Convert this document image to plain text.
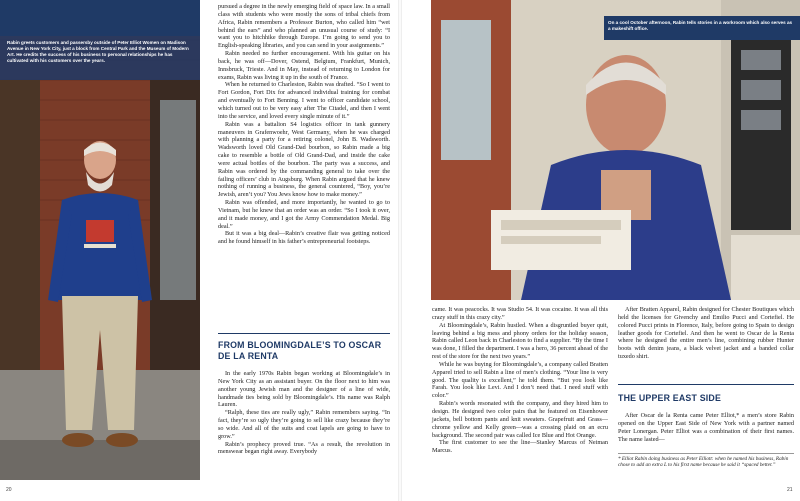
Rabin greets customers and passersby outside of Peter Elliot Women on Madison Avenue in New York City, just a block from Central Park and the Museum of Modern Art. He credits the success of his business to personal relationships he has cultivated with his customers over the years.

pursued a degree in the newly emerging field of space law. In a small class with students who were mostly the sons of tribal chiefs from Africa, Rabin remembers a Professor Burton, who called him “wet behind the ears” and who planned an unusual course of study: “I want you to hitchhike through Europe. I’m going to send you to English-speaking libraries, and you can send in your assignments.”

Rabin needed no further encouragement. With his guitar on his back, he was off—Dover, Ostend, Belgium, Frankfurt, Munich, Innsbruck, Trieste. And in May, instead of returning to London for exams, Rabin was living it up in the south of France.

When he returned to Charleston, Rabin was drafted. “So I went to Fort Gordon, Fort Dix for advanced individual training for combat and eventually to Fort Benning. I went to officer candidate school, which turned out to be very easy after The Citadel, and then I went into the service, and loved every single minute of it.”

Rabin was a battalion S4 logistics officer in tank gunnery maneuvers in Grafenwoehr, West Germany, when he was charged with planning a party for a retiring colonel, John B. Wadsworth. Wadsworth loved Old Grand-Dad bourbon, so Rabin made a big cake to resemble a bottle of Old Grand-Dad, and inside the cake were actual bottles of the bourbon. The party was a success, and Rabin was ordered by the commanding general to take over the failing officers’ club in Augsburg. When Rabin argued that he knew nothing of running a business, the general countered, “Boy, you’re Jewish, aren’t you? You Jews know how to make money.”

Rabin was offended, and more importantly, he wanted to go to Vietnam, but he knew that an order was an order. “So I took it over, and it made money, and I got the Army Commendation Medal. Big deal.”

But it was a big deal—Rabin’s creative flair was getting noticed and he found himself in his father’s entrepreneurial footsteps.

FROM BLOOMINGDALE’S TO OSCAR DE LA RENTA

In the early 1970s Rabin began working at Bloomingdale’s in New York City as an assistant buyer. On the floor next to him was another young Jewish man and the designer of a line of wide, handmade ties being sold by Bloomingdale’s. His name was Ralph Lauren.

“Ralph, these ties are really ugly,” Rabin remembers saying. “In fact, they’re so ugly they’re going to sell like crazy because they’re so wide. And all of the suits and coat lapels are going to have to grow.”

Rabin’s prophecy proved true. “As a result, the revolution in menswear began right away. Everybody

20
On a cool October afternoon, Rabin tells stories in a workroom which also serves as a makeshift office.

came. It was peacocks. It was Studio 54. It was cocaine. It was all this crazy stuff in this crazy city.”

At Bloomingdale’s, Rabin hustled. When a disgruntled buyer quit, leaving behind a big mess and phony orders for the holiday season, Rabin called Leon back in Charleston to find a supplier. “By the time I was done, I filled the department. I was a hero, 36 percent ahead of the rest of the store for the next two years.”

While he was buying for Bloomingdale’s, a company called Bratten Apparel tried to sell Rabin a line of men’s clothing. “Your line is very good. The quality is excellent,” he told them. “But you look like Farah. You look like Levi. And I don’t need that. I need stuff with color.”

Rabin’s words resonated with the company, and they hired him to design. He designed two color pairs that he featured on Eisenhower jackets, bell bottom pants and knit sweaters. Grapefruit and Grass—chrome yellow and Kelly green—was a crossing plaid on an ecru background. The second pair was called Ice Blue and Hot Orange.

The first customer to see the line—Stanley Marcus of Neiman Marcus.

After Bratten Apparel, Rabin designed for Chester Boutiques which held the licenses for Givenchy and Emilio Pucci and Cortefiel. He colored Pucci prints in Florence, Italy, before going to Spain to design leather goods for Cortefiel. And then he went to Oscar de la Renta where he designed the entire men’s line, combining rubber Hunter boots with denim jeans, a black velvet jacket and a banded collar tuxedo shirt.

THE UPPER EAST SIDE

After Oscar de la Renta came Peter Elliot,* a men’s store Rabin opened on the Upper East Side of New York with a partner named Peter Lonergan. Peter Elliot was a combination of their first names. The name lasted—

* Elliot Rabin doing business as Peter Elliott: when he named his business, Rabin chose to add an extra L to his first name because he said it “spaced better.”
21
